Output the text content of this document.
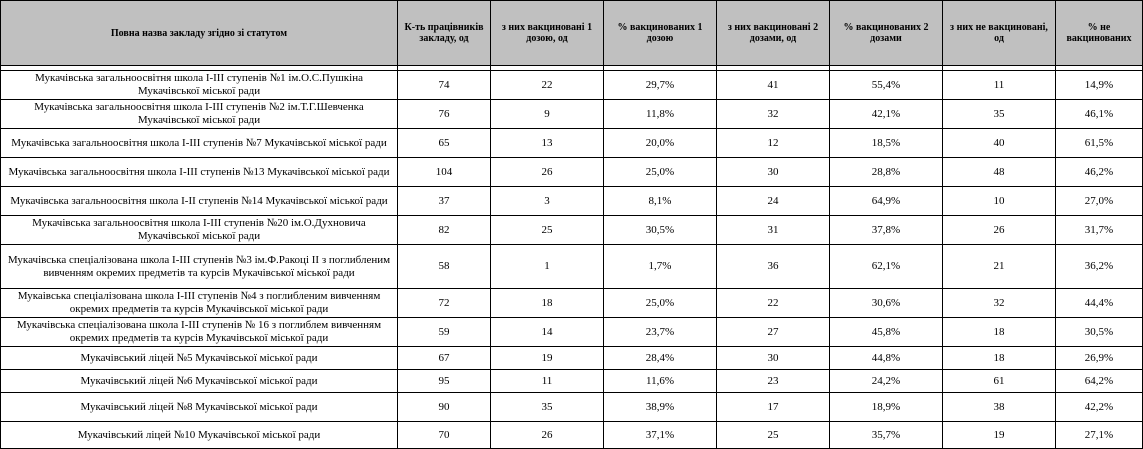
Повна назва закладу згідно зі статутом	К-ть працівників закладу, од	з них вакциновані 1 дозою, од	% вакцинованих 1 дозою	з них вакциновані 2 дозами, од	% вакцинованих 2 дозами	з них не вакциновані, од	% не вакцинованих

Мукачівська загальноосвітня школа І-ІІІ ступенів №1 ім.О.С.Пушкіна Мукачівської міської ради	74	22	29,7%	41	55,4%	11	14,9%
Мукачівська загальноосвітня школа І-ІІІ ступенів №2 ім.Т.Г.Шевченка Мукачівської міської ради	76	9	11,8%	32	42,1%	35	46,1%
Мукачівська загальноосвітня школа І-ІІІ ступенів №7 Мукачівської міської ради	65	13	20,0%	12	18,5%	40	61,5%
Мукачівська загальноосвітня школа І-ІІІ ступенів №13 Мукачівської міської ради	104	26	25,0%	30	28,8%	48	46,2%
Мукачівська загальноосвітня школа І-ІІ ступенів №14 Мукачівської міської ради	37	3	8,1%	24	64,9%	10	27,0%
Мукачівська загальноосвітня школа І-ІІІ ступенів №20 ім.О.Духновича Мукачівської міської ради	82	25	30,5%	31	37,8%	26	31,7%
Мукачівська спеціалізована школа І-ІІІ ступенів №3 ім.Ф.Ракоці ІІ з поглибленим вивченням окремих предметів та курсів Мукачівської міської ради	58	1	1,7%	36	62,1%	21	36,2%
Мукаівська спеціалізована школа І-ІІІ ступенів №4 з поглибленим вивченням окремих предметів та курсів Мукачівської міської ради	72	18	25,0%	22	30,6%	32	44,4%
Мукачівська спеціалізована школа І-ІІІ ступенів № 16 з поглиблем вивченням окремих предметів та курсів Мукачівської міської ради	59	14	23,7%	27	45,8%	18	30,5%
Мукачівський ліцей №5 Мукачівської міської ради	67	19	28,4%	30	44,8%	18	26,9%
Мукачівський ліцей №6 Мукачівської міської ради	95	11	11,6%	23	24,2%	61	64,2%
Мукачівський ліцей №8 Мукачівської міської ради	90	35	38,9%	17	18,9%	38	42,2%
Мукачівський ліцей №10 Мукачівської міської ради	70	26	37,1%	25	35,7%	19	27,1%
